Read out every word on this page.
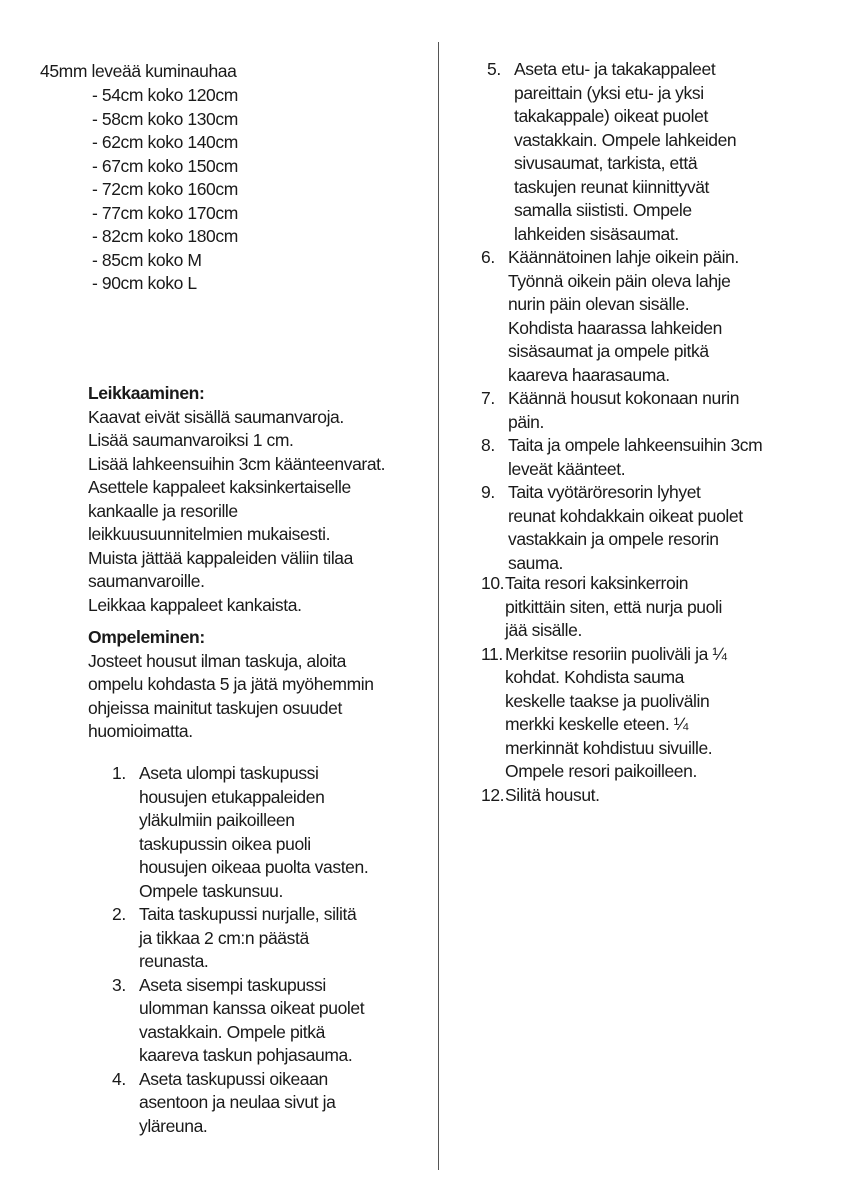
45mm leveää kuminauhaa
- 54cm koko 120cm
- 58cm koko 130cm
- 62cm koko 140cm
- 67cm koko 150cm
- 72cm koko 160cm
- 77cm koko 170cm
- 82cm koko 180cm
- 85cm koko M
- 90cm koko L
Leikkaaminen:
Kaavat eivät sisällä saumanvaroja.
Lisää saumanvaroiksi 1 cm.
Lisää lahkeensuihin 3cm käänteenvarat.
Asettele kappaleet kaksinkertaiselle
kankaalle ja resorille
leikkuusuunnitelmien mukaisesti.
Muista jättää kappaleiden väliin tilaa
saumanvaroille.
Leikkaa kappaleet kankaista.
Ompeleminen:
Josteet housut ilman taskuja, aloita
ompelu kohdasta 5 ja jätä myöhemmin
ohjeissa mainitut taskujen osuudet
huomioimatta.
1. Aseta ulompi taskupussi
housujen etukappaleiden
yläkulmiin paikoilleen
taskupussin oikea puoli
housujen oikeaa puolta vasten.
Ompele taskunsuu.
2. Taita taskupussi nurjalle, silitä
ja tikkaa 2 cm:n päästä
reunasta.
3. Aseta sisempi taskupussi
ulomman kanssa oikeat puolet
vastakkain. Ompele pitkä
kaareva taskun pohjasauma.
4. Aseta taskupussi oikeaan
asentoon ja neulaa sivut ja
yläreuna.
5. Aseta etu- ja takakappaleet
pareittain (yksi etu- ja yksi
takakappale) oikeat puolet
vastakkain. Ompele lahkeiden
sivusaumat, tarkista, että
taskujen reunat kiinnittyvät
samalla siististi. Ompele
lahkeiden sisäsaumat.
6. Käännätoinen lahje oikein päin.
Työnnä oikein päin oleva lahje
nurin päin olevan sisälle.
Kohdista haarassa lahkeiden
sisäsaumat ja ompele pitkä
kaareva haarasauma.
7. Käännä housut kokonaan nurin
päin.
8. Taita ja ompele lahkeensuihin 3cm
leveät käänteet.
9. Taita vyötäröresorin lyhyet
reunat kohdakkain oikeat puolet
vastakkain ja ompele resorin
sauma.
10. Taita resori kaksinkerroin
pitkittäin siten, että nurja puoli
jää sisälle.
11. Merkitse resoriin puoliväli ja ¼
kohdat. Kohdista sauma
keskelle taakse ja puolivälin
merkki keskelle eteen. ¼
merkinnät kohdistuu sivuille.
Ompele resori paikoilleen.
12. Silitä housut.
